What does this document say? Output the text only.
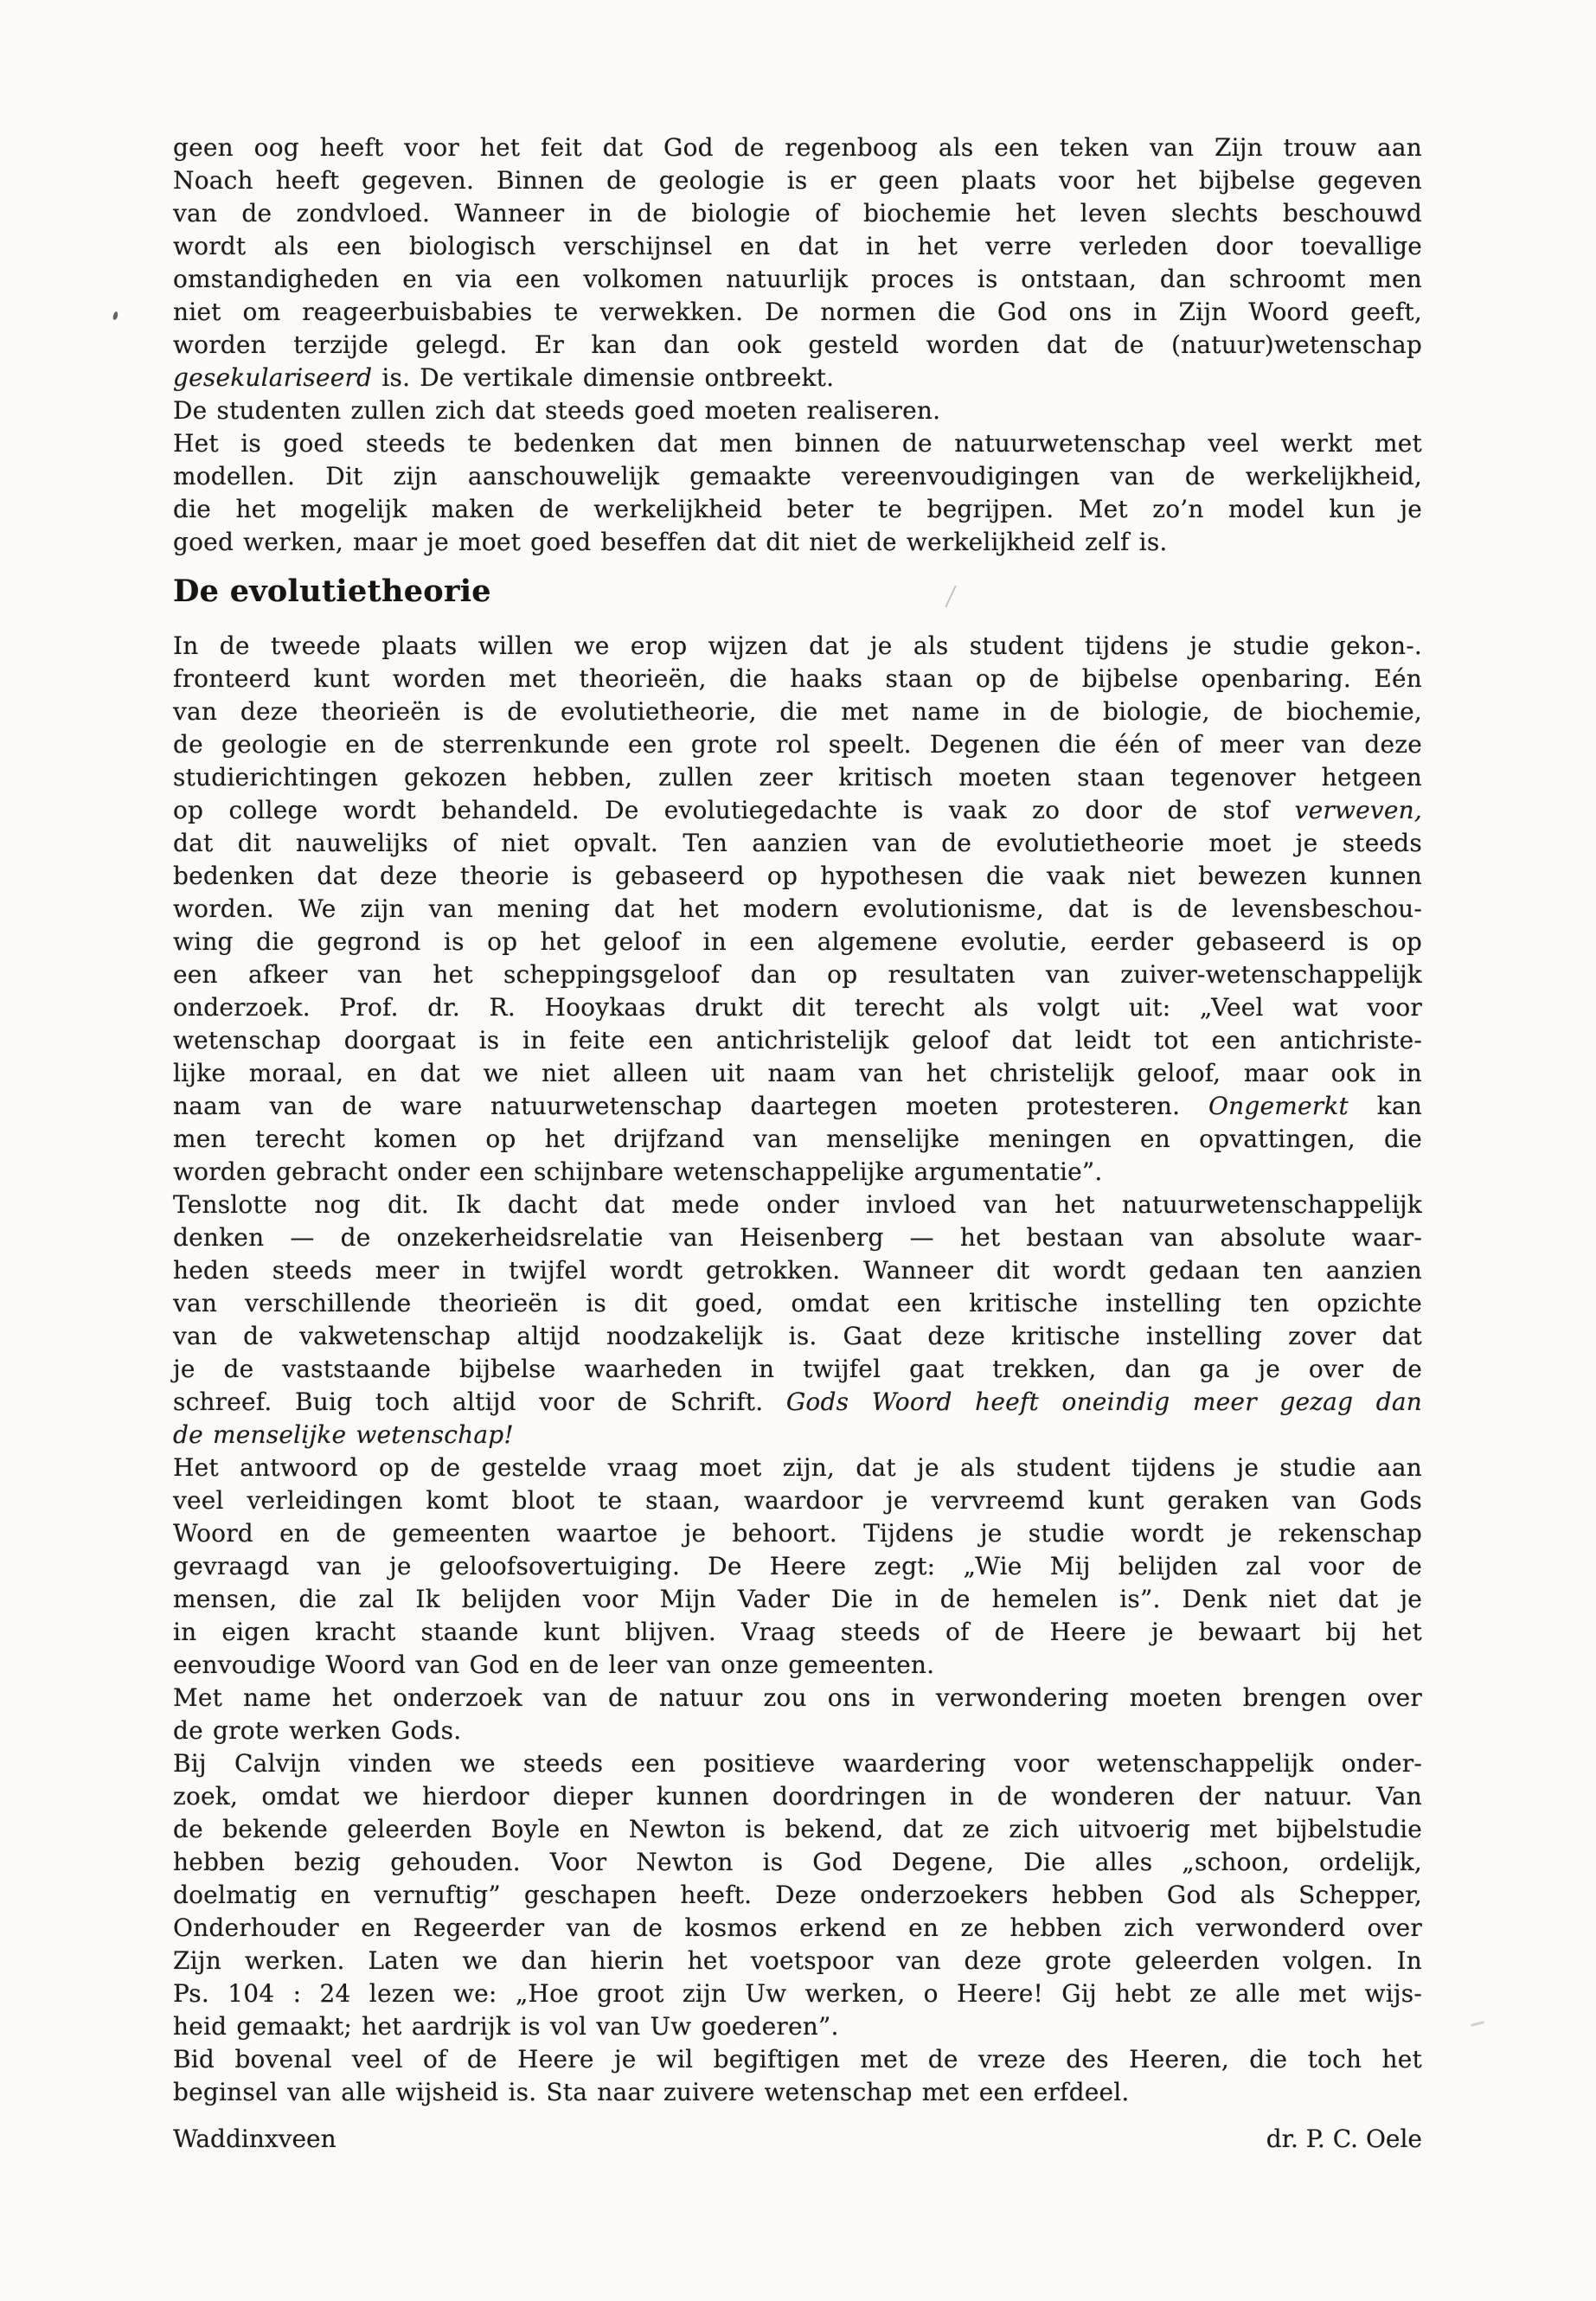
geen oog heeft voor het feit dat God de regenboog als een teken van Zijn trouw aan
Noach heeft gegeven. Binnen de geologie is er geen plaats voor het bijbelse gegeven
van de zondvloed. Wanneer in de biologie of biochemie het leven slechts beschouwd
wordt als een biologisch verschijnsel en dat in het verre verleden door toevallige
omstandigheden en via een volkomen natuurlijk proces is ontstaan, dan schroomt men
niet om reageerbuisbabies te verwekken. De normen die God ons in Zijn Woord geeft,
worden terzijde gelegd. Er kan dan ook gesteld worden dat de (natuur)wetenschap
gesekulariseerd is. De vertikale dimensie ontbreekt.
De studenten zullen zich dat steeds goed moeten realiseren.
Het is goed steeds te bedenken dat men binnen de natuurwetenschap veel werkt met
modellen. Dit zijn aanschouwelijk gemaakte vereenvoudigingen van de werkelijkheid,
die het mogelijk maken de werkelijkheid beter te begrijpen. Met zo’n model kun je
goed werken, maar je moet goed beseffen dat dit niet de werkelijkheid zelf is.
De evolutietheorie
In de tweede plaats willen we erop wijzen dat je als student tijdens je studie gekon-.
fronteerd kunt worden met theorieën, die haaks staan op de bijbelse openbaring. Eén
van deze theorieën is de evolutietheorie, die met name in de biologie, de biochemie,
de geologie en de sterrenkunde een grote rol speelt. Degenen die één of meer van deze
studierichtingen gekozen hebben, zullen zeer kritisch moeten staan tegenover hetgeen
op college wordt behandeld. De evolutiegedachte is vaak zo door de stof verweven,
dat dit nauwelijks of niet opvalt. Ten aanzien van de evolutietheorie moet je steeds
bedenken dat deze theorie is gebaseerd op hypothesen die vaak niet bewezen kunnen
worden. We zijn van mening dat het modern evolutionisme, dat is de levensbeschou-
wing die gegrond is op het geloof in een algemene evolutie, eerder gebaseerd is op
een afkeer van het scheppingsgeloof dan op resultaten van zuiver-wetenschappelijk
onderzoek. Prof. dr. R. Hooykaas drukt dit terecht als volgt uit: „Veel wat voor
wetenschap doorgaat is in feite een antichristelijk geloof dat leidt tot een antichriste-
lijke moraal, en dat we niet alleen uit naam van het christelijk geloof, maar ook in
naam van de ware natuurwetenschap daartegen moeten protesteren. Ongemerkt kan
men terecht komen op het drijfzand van menselijke meningen en opvattingen, die
worden gebracht onder een schijnbare wetenschappelijke argumentatie”.
Tenslotte nog dit. Ik dacht dat mede onder invloed van het natuurwetenschappelijk
denken — de onzekerheidsrelatie van Heisenberg — het bestaan van absolute waar-
heden steeds meer in twijfel wordt getrokken. Wanneer dit wordt gedaan ten aanzien
van verschillende theorieën is dit goed, omdat een kritische instelling ten opzichte
van de vakwetenschap altijd noodzakelijk is. Gaat deze kritische instelling zover dat
je de vaststaande bijbelse waarheden in twijfel gaat trekken, dan ga je over de
schreef. Buig toch altijd voor de Schrift. Gods Woord heeft oneindig meer gezag dan
de menselijke wetenschap!
Het antwoord op de gestelde vraag moet zijn, dat je als student tijdens je studie aan
veel verleidingen komt bloot te staan, waardoor je vervreemd kunt geraken van Gods
Woord en de gemeenten waartoe je behoort. Tijdens je studie wordt je rekenschap
gevraagd van je geloofsovertuiging. De Heere zegt: „Wie Mij belijden zal voor de
mensen, die zal Ik belijden voor Mijn Vader Die in de hemelen is”. Denk niet dat je
in eigen kracht staande kunt blijven. Vraag steeds of de Heere je bewaart bij het
eenvoudige Woord van God en de leer van onze gemeenten.
Met name het onderzoek van de natuur zou ons in verwondering moeten brengen over
de grote werken Gods.
Bij Calvijn vinden we steeds een positieve waardering voor wetenschappelijk onder-
zoek, omdat we hierdoor dieper kunnen doordringen in de wonderen der natuur. Van
de bekende geleerden Boyle en Newton is bekend, dat ze zich uitvoerig met bijbelstudie
hebben bezig gehouden. Voor Newton is God Degene, Die alles „schoon, ordelijk,
doelmatig en vernuftig” geschapen heeft. Deze onderzoekers hebben God als Schepper,
Onderhouder en Regeerder van de kosmos erkend en ze hebben zich verwonderd over
Zijn werken. Laten we dan hierin het voetspoor van deze grote geleerden volgen. In
Ps. 104 : 24 lezen we: „Hoe groot zijn Uw werken, o Heere! Gij hebt ze alle met wijs-
heid gemaakt; het aardrijk is vol van Uw goederen”.
Bid bovenal veel of de Heere je wil begiftigen met de vreze des Heeren, die toch het
beginsel van alle wijsheid is. Sta naar zuivere wetenschap met een erfdeel.
Waddinxveen	dr. P. C. Oele
